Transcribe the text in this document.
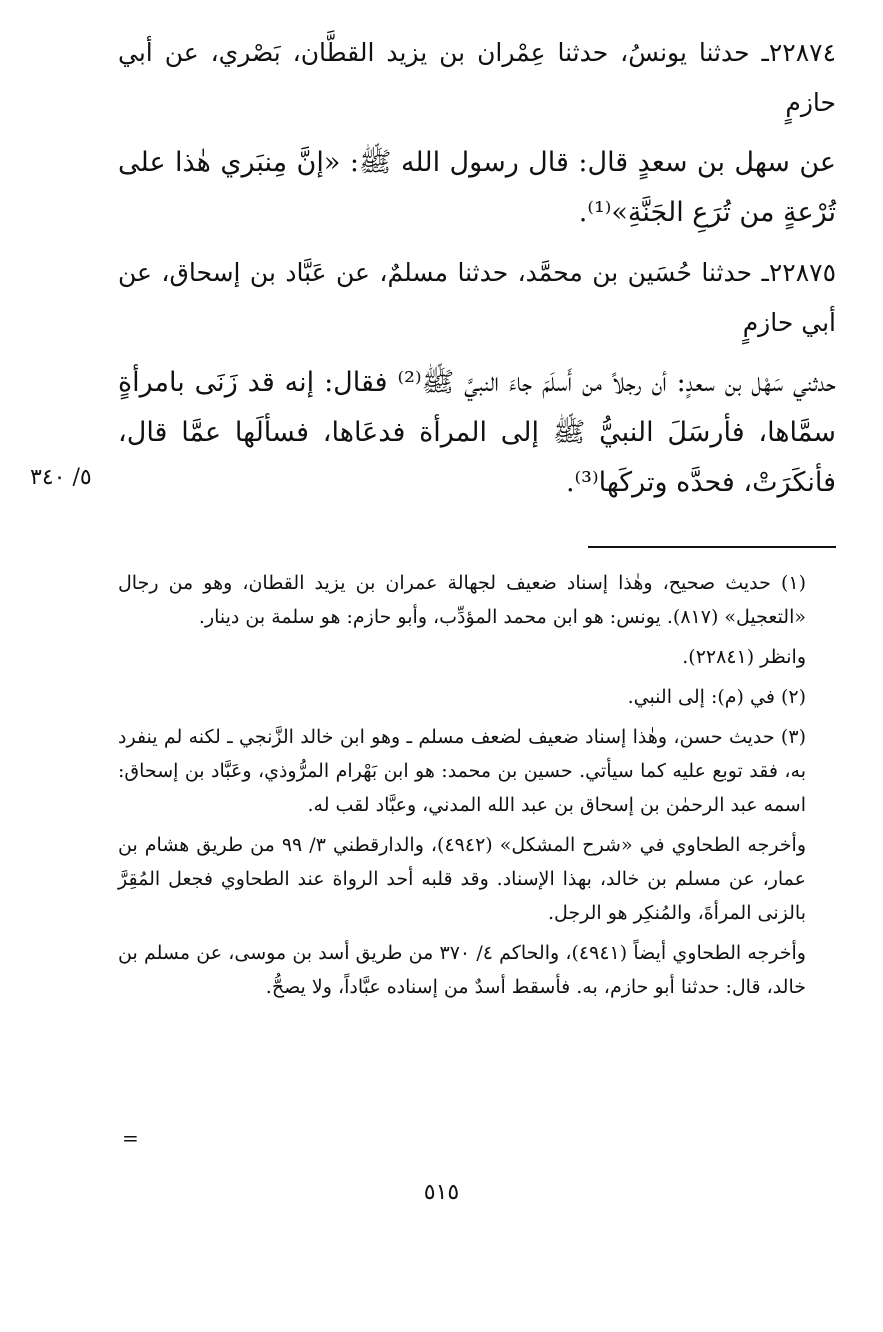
٢٢٨٧٤ـ حدثنا يونسُ، حدثنا عِمْران بن يزيد القطَّان، بَصْري، عن أبي حازمٍ

عن سهل بن سعدٍ قال: قال رسول الله ﷺ: «إنَّ مِنبَري هٰذا على تُرْعةٍ من تُرَعِ الجَنَّةِ»⁽¹⁾.

٢٢٨٧٥ـ حدثنا حُسَين بن محمَّد، حدثنا مسلمٌ، عن عَبَّاد بن إسحاق، عن أبي حازمٍ

حدثني سَهْل بن سعدٍ: أن رجلاً من أَسلَمَ جاءَ النبيَّ ﷺ⁽²⁾ فقال: إنه قد زَنَى بامرأةٍ سمَّاها، فأرسَلَ النبيُّ ﷺ إلى المرأة فدعَاها، فسألَها عمَّا قال، فأنكَرَتْ، فحدَّه وتركَها⁽³⁾.

(١) حديث صحيح، وهٰذا إسناد ضعيف لجهالة عمران بن يزيد القطان، وهو من رجال «التعجيل» (٨١٧). يونس: هو ابن محمد المؤدِّب، وأبو حازم: هو سلمة بن دينار.

وانظر (٢٢٨٤١).

(٢) في (م): إلى النبي.

(٣) حديث حسن، وهٰذا إسناد ضعيف لضعف مسلم ـ وهو ابن خالد الزَّنجي ـ لكنه لم ينفرد به، فقد توبع عليه كما سيأتي. حسين بن محمد: هو ابن بَهْرام المرُّوذي، وعَبَّاد بن إسحاق: اسمه عبد الرحمٰن بن إسحاق بن عبد الله المدني، وعبَّاد لقب له.

وأخرجه الطحاوي في «شرح المشكل» (٤٩٤٢)، والدارقطني ٣/ ٩٩ من طريق هشام بن عمار، عن مسلم بن خالد، بهذا الإسناد. وقد قلبه أحد الرواة عند الطحاوي فجعل المُقِرَّ بالزنى المرأةَ، والمُنكِر هو الرجل.

وأخرجه الطحاوي أيضاً (٤٩٤١)، والحاكم ٤/ ٣٧٠ من طريق أسد بن موسى، عن مسلم بن خالد، قال: حدثنا أبو حازم، به. فأسقط أسدٌ من إسناده عبَّاداً، ولا يصحُّ.

٥/ ٣٤٠
=
٥١٥
